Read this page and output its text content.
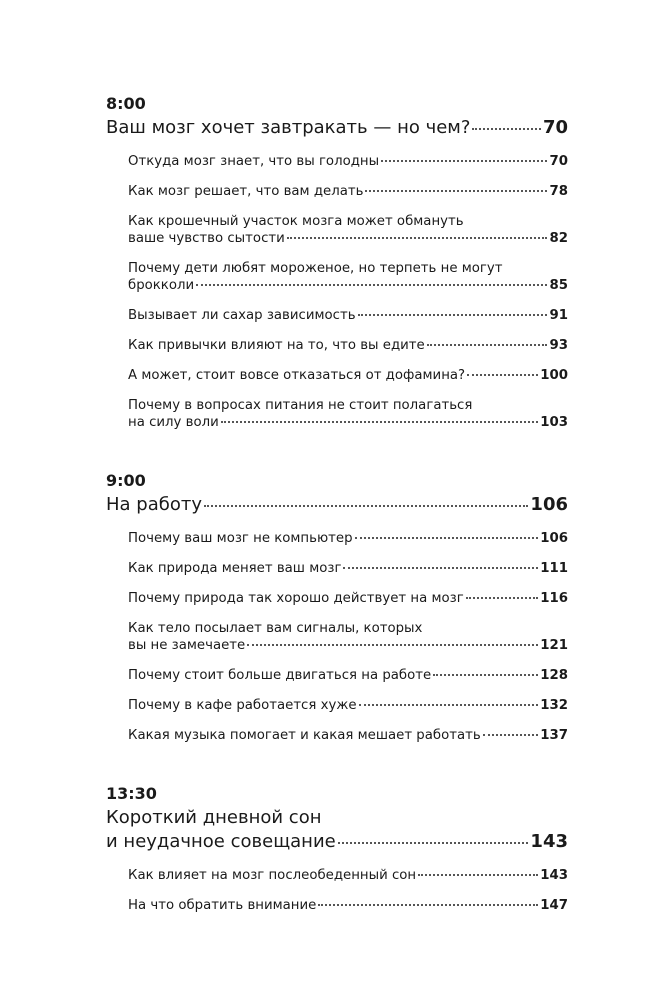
8:00
Ваш мозг хочет завтракать — но чем?	70
Откуда мозг знает, что вы голодны	70
Как мозг решает, что вам делать	78
Как крошечный участок мозга может обмануть
ваше чувство сытости	82
Почему дети любят мороженое, но терпеть не могут
брокколи	85
Вызывает ли сахар зависимость	91
Как привычки влияют на то, что вы едите	93
А может, стоит вовсе отказаться от дофамина?	100
Почему в вопросах питания не стоит полагаться
на силу воли	103
9:00
На работу	106
Почему ваш мозг не компьютер	106
Как природа меняет ваш мозг	111
Почему природа так хорошо действует на мозг	116
Как тело посылает вам сигналы, которых
вы не замечаете	121
Почему стоит больше двигаться на работе	128
Почему в кафе работается хуже	132
Какая музыка помогает и какая мешает работать	137
13:30
Короткий дневной сон
и неудачное совещание	143
Как влияет на мозг послеобеденный сон	143
На что обратить внимание	147
